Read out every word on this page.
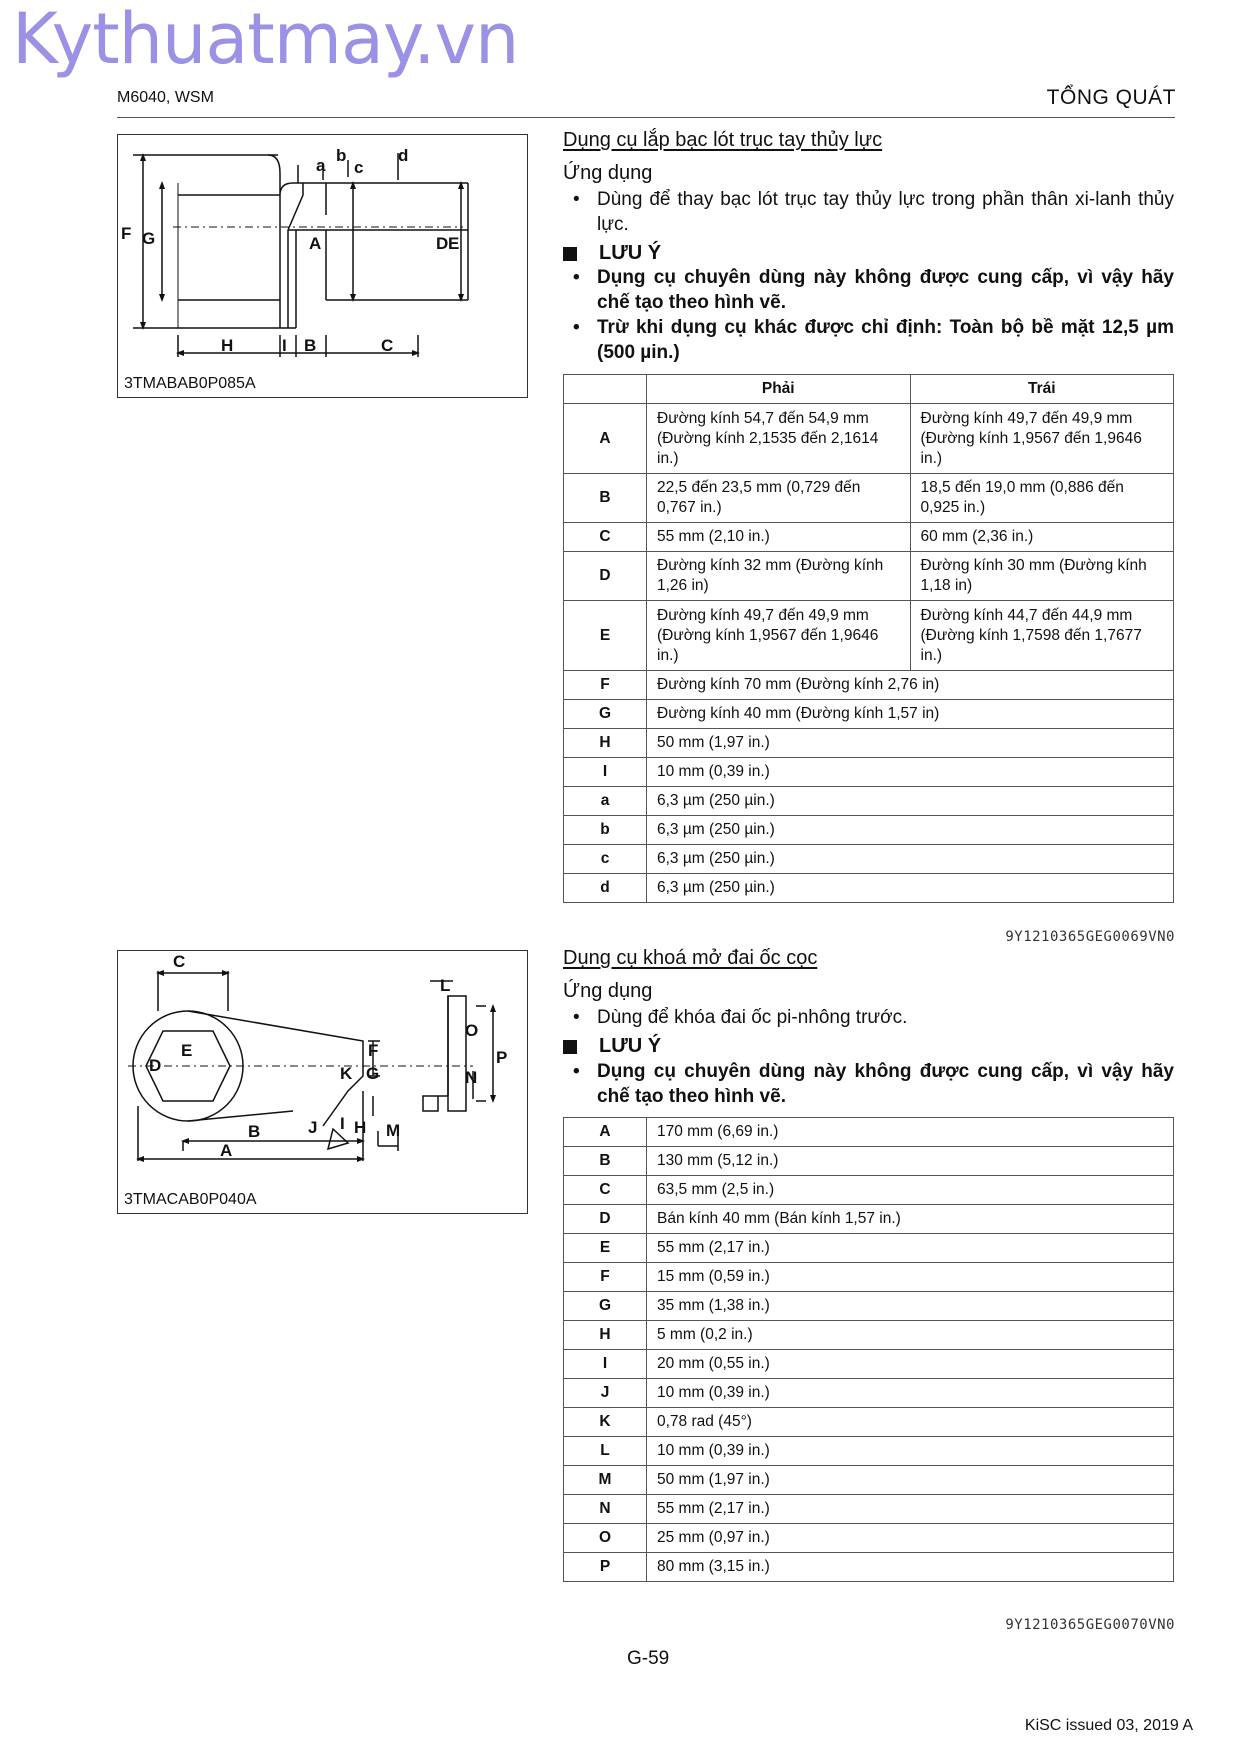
Kythuatmay.vn
M6040, WSM	TỔNG QUÁT
F G	A	D E
H	I B	C
a
b
c
d
3TMABAB0P085A
Dụng cụ lắp bạc lót trục tay thủy lực
Ứng dụng
• Dùng để thay bạc lót trục tay thủy lực trong phần thân xi-lanh thủy lực.
LƯU Ý
• Dụng cụ chuyên dùng này không được cung cấp, vì vậy hãy chế tạo theo hình vẽ.
• Trừ khi dụng cụ khác được chỉ định: Toàn bộ bề mặt 12,5 µm (500 µin.)
	Phải	Trái
A	Đường kính 54,7 đến 54,9 mm (Đường kính 2,1535 đến 2,1614 in.)	Đường kính 49,7 đến 49,9 mm (Đường kính 1,9567 đến 1,9646 in.)
B	22,5 đến 23,5 mm (0,729 đến 0,767 in.)	18,5 đến 19,0 mm (0,886 đến 0,925 in.)
C	55 mm (2,10 in.)	60 mm (2,36 in.)
D	Đường kính 32 mm (Đường kính 1,26 in)	Đường kính 30 mm (Đường kính 1,18 in)
E	Đường kính 49,7 đến 49,9 mm (Đường kính 1,9567 đến 1,9646 in.)	Đường kính 44,7 đến 44,9 mm (Đường kính 1,7598 đến 1,7677 in.)
F	Đường kính 70 mm (Đường kính 2,76 in)	
G	Đường kính 40 mm (Đường kính 1,57 in)	
H	50 mm (1,97 in.)	
I	10 mm (0,39 in.)	
a	6,3 µm (250 µin.)	
b	6,3 µm (250 µin.)	
c	6,3 µm (250 µin.)	
d	6,3 µm (250 µin.)	
9Y1210365GEG0069VN0
C
E
D
B
A
F
G
K
J I H M
L
O
N
P
3TMACAB0P040A
Dụng cụ khoá mở đai ốc cọc
Ứng dụng
• Dùng để khóa đai ốc pi-nhông trước.
LƯU Ý
• Dụng cụ chuyên dùng này không được cung cấp, vì vậy hãy chế tạo theo hình vẽ.
A	170 mm (6,69 in.)
B	130 mm (5,12 in.)
C	63,5 mm (2,5 in.)
D	Bán kính 40 mm (Bán kính 1,57 in.)
E	55 mm (2,17 in.)
F	15 mm (0,59 in.)
G	35 mm (1,38 in.)
H	5 mm (0,2 in.)
I	20 mm (0,55 in.)
J	10 mm (0,39 in.)
K	0,78 rad (45°)
L	10 mm (0,39 in.)
M	50 mm (1,97 in.)
N	55 mm (2,17 in.)
O	25 mm (0,97 in.)
P	80 mm (3,15 in.)
9Y1210365GEG0070VN0
G-59
KiSC issued 03, 2019 A
